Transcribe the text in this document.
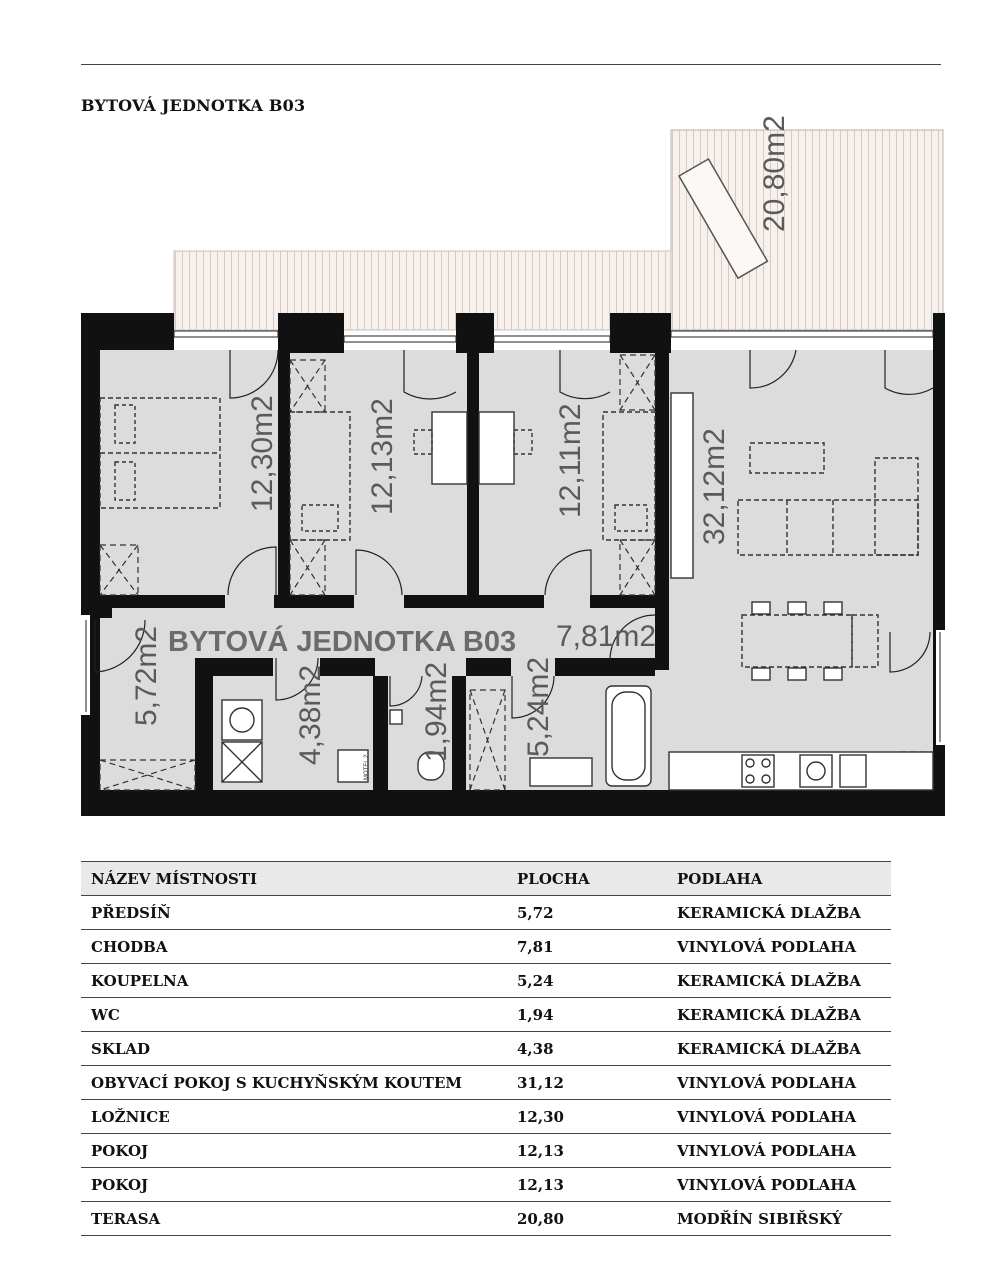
BYTOVÁ JEDNOTKA B03
20,80m2
12,30m2	12,13m2	12,11m2	32,12m2
5,72m2	7,81m2
4,38m2	1,94m2 5,24m2
BYTOVÁ JEDNOTKA B03
MOTEL 2
NÁZEV MÍSTNOSTI	PLOCHA	PODLAHA
PŘEDSÍŇ	5,72	KERAMICKÁ DLAŽBA
CHODBA	7,81	VINYLOVÁ PODLAHA
KOUPELNA	5,24	KERAMICKÁ DLAŽBA
WC	1,94	KERAMICKÁ DLAŽBA
SKLAD	4,38	KERAMICKÁ DLAŽBA
OBYVACÍ POKOJ S KUCHYŇSKÝM KOUTEM	31,12	VINYLOVÁ PODLAHA
LOŽNICE	12,30	VINYLOVÁ PODLAHA
POKOJ	12,13	VINYLOVÁ PODLAHA
POKOJ	12,13	VINYLOVÁ PODLAHA
TERASA	20,80	MODŘÍN SIBIŘSKÝ
